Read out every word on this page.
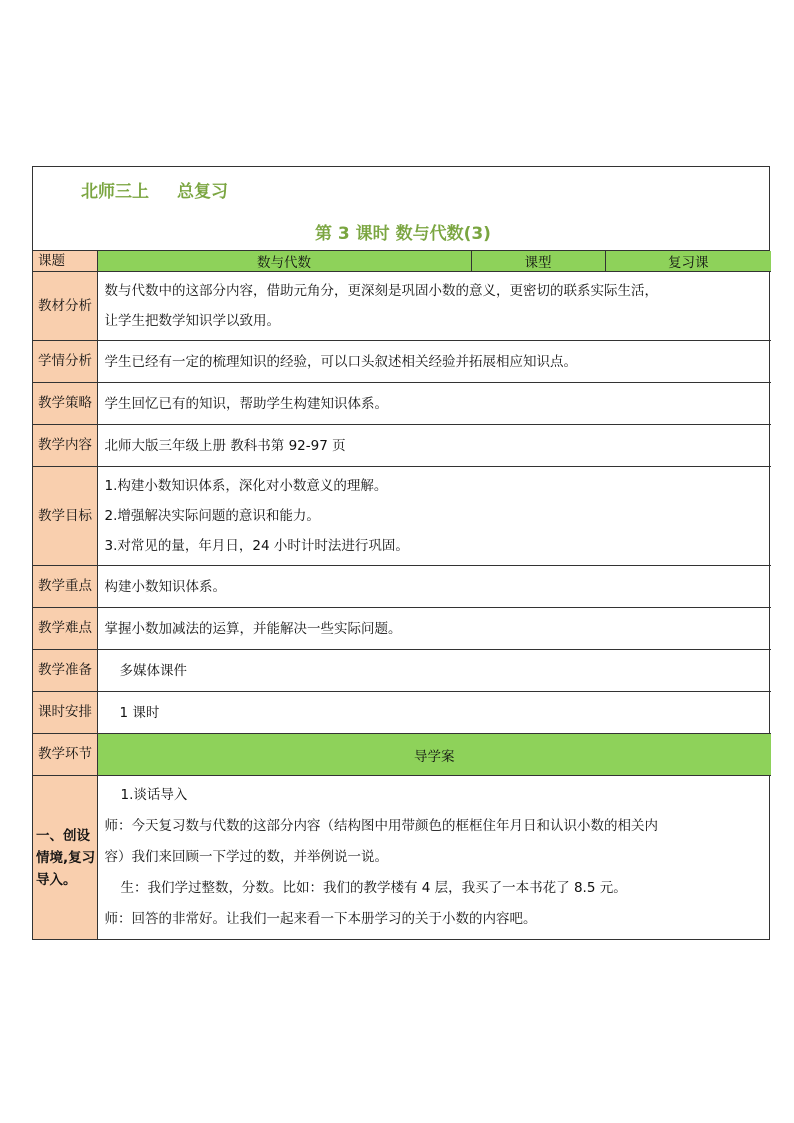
北师三上 总复习
第 3 课时 数与代数(3)
课题	数与代数	课型	复习课
教材分析	数与代数中的这部分内容，借助元角分，更深刻是巩固小数的意义，更密切的联系实际生活，
让学生把数学知识学以致用。		

学情分析	学生已经有一定的梳理知识的经验，可以口头叙述相关经验并拓展相应知识点。		
教学策略	学生回忆已有的知识，帮助学生构建知识体系。		
教学内容	北师大版三年级上册 教科书第 92-97 页		
教学目标	1.构建小数知识体系，深化对小数意义的理解。
2.增强解决实际问题的意识和能力。
3.对常见的量，年月日，24 小时计时法进行巩固。		

教学重点	构建小数知识体系。		
教学难点	掌握小数加减法的运算，并能解决一些实际问题。		
教学准备	多媒体课件		
课时安排	1 课时		
教学环节	导学案		
一、创设情境,复习导入。	1.谈话导入
师：今天复习数与代数的这部分内容（结构图中用带颜色的框框住年月日和认识小数的相关内
容）我们来回顾一下学过的数，并举例说一说。
生：我们学过整数，分数。比如：我们的教学楼有 4 层，我买了一本书花了 8.5 元。
师：回答的非常好。让我们一起来看一下本册学习的关于小数的内容吧。		
